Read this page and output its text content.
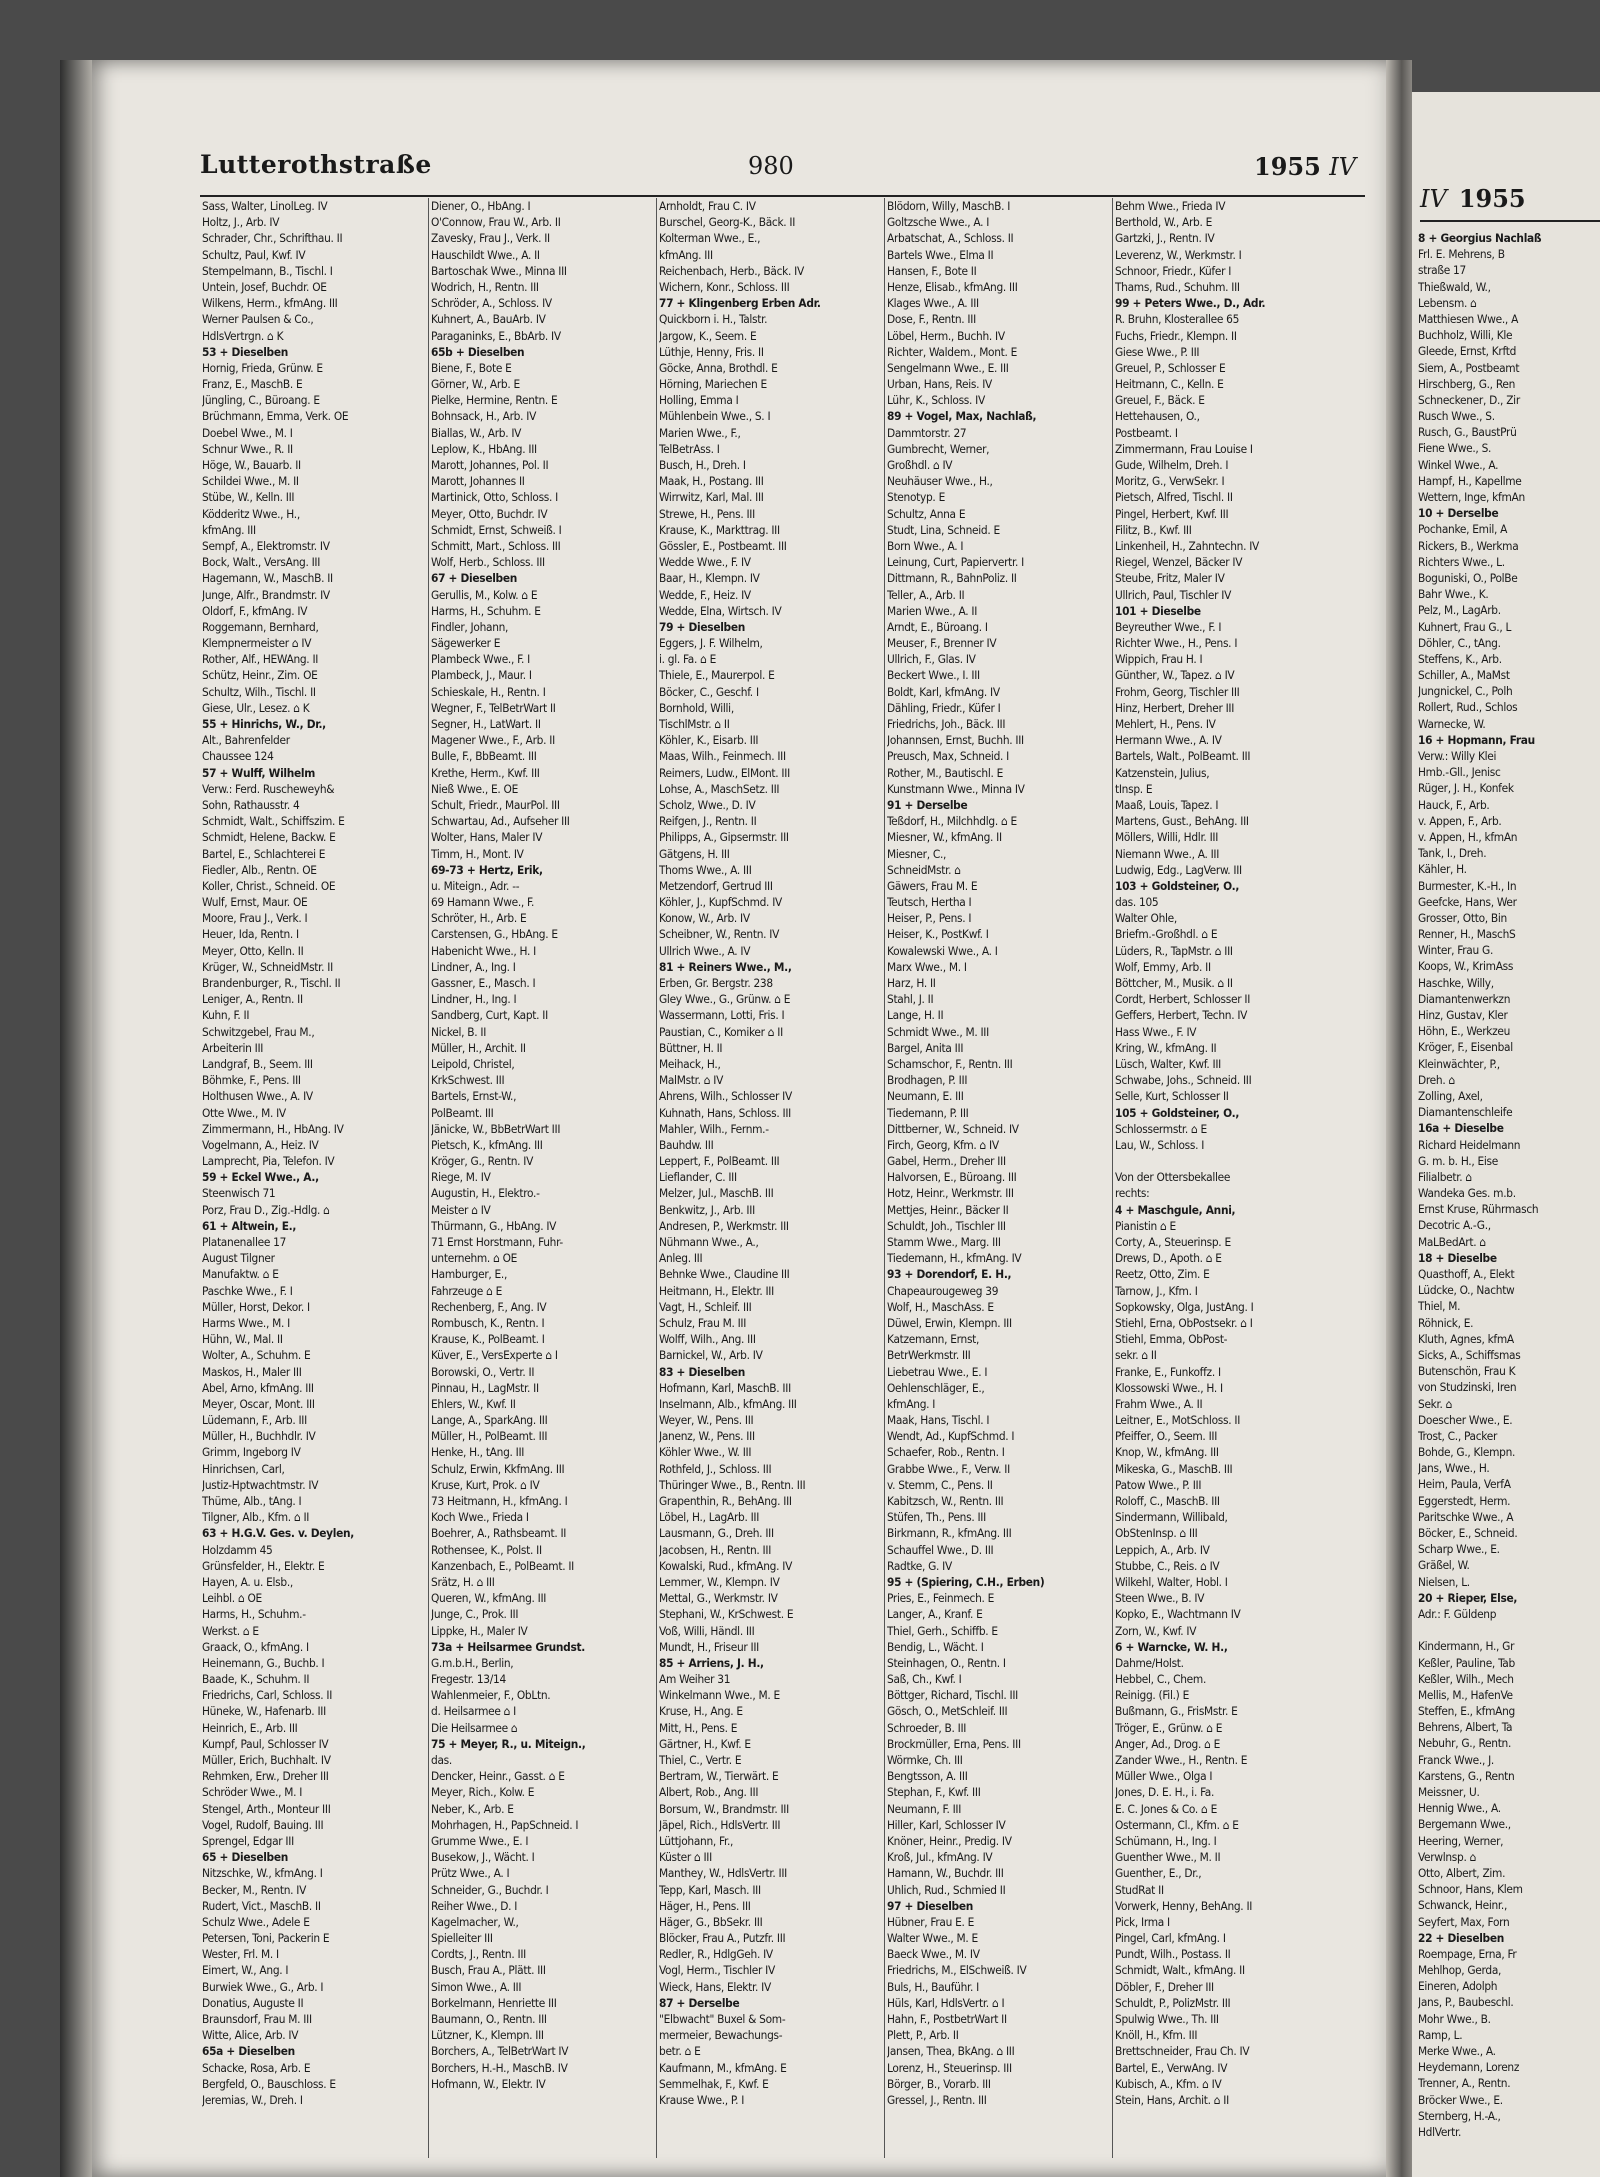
Lutterothstraße	980	1955 IV
Sass, Walter, LinolLeg. IV
Holtz, J., Arb. IV
Schrader, Chr., Schrifthau. II
Schultz, Paul, Kwf. IV
Stempelmann, B., Tischl. I
Untein, Josef, Buchdr. OE
Wilkens, Herm., kfmAng. III
Werner Paulsen & Co.,
HdlsVertrgn. ⌂ K
53 + Dieselben
Hornig, Frieda, Grünw. E
Franz, E., MaschB. E
Jüngling, C., Büroang. E
Brüchmann, Emma, Verk. OE
Doebel Wwe., M. I
Schnur Wwe., R. II
Höge, W., Bauarb. II
Schildei Wwe., M. II
Stübe, W., Kelln. III
Ködderitz Wwe., H.,
kfmAng. III
Sempf, A., Elektromstr. IV
Bock, Walt., VersAng. III
Hagemann, W., MaschB. II
Junge, Alfr., Brandmstr. IV
Oldorf, F., kfmAng. IV
Roggemann, Bernhard,
Klempnermeister ⌂ IV
Rother, Alf., HEWAng. II
Schütz, Heinr., Zim. OE
Schultz, Wilh., Tischl. II
Giese, Ulr., Lesez. ⌂ K
55 + Hinrichs, W., Dr.,
Alt., Bahrenfelder
Chaussee 124
57 + Wulff, Wilhelm
Verw.: Ferd. Ruscheweyh&
Sohn, Rathausstr. 4
Schmidt, Walt., Schiffszim. E
Schmidt, Helene, Backw. E
Bartel, E., Schlachterei E
Fiedler, Alb., Rentn. OE
Koller, Christ., Schneid. OE
Wulf, Ernst, Maur. OE
Moore, Frau J., Verk. I
Heuer, Ida, Rentn. I
Meyer, Otto, Kelln. II
Krüger, W., SchneidMstr. II
Brandenburger, R., Tischl. II
Leniger, A., Rentn. II
Kuhn, F. II
Schwitzgebel, Frau M.,
Arbeiterin III
Landgraf, B., Seem. III
Böhmke, F., Pens. III
Holthusen Wwe., A. IV
Otte Wwe., M. IV
Zimmermann, H., HbAng. IV
Vogelmann, A., Heiz. IV
Lamprecht, Pia, Telefon. IV
59 + Eckel Wwe., A.,
Steenwisch 71
Porz, Frau D., Zig.-Hdlg. ⌂
61 + Altwein, E.,
Platanenallee 17
August Tilgner
Manufaktw. ⌂ E
Paschke Wwe., F. I
Müller, Horst, Dekor. I
Harms Wwe., M. I
Hühn, W., Mal. II
Wolter, A., Schuhm. E
Maskos, H., Maler III
Abel, Arno, kfmAng. III
Meyer, Oscar, Mont. III
Lüdemann, F., Arb. III
Müller, H., Buchhdlr. IV
Grimm, Ingeborg IV
Hinrichsen, Carl,
Justiz-Hptwachtmstr. IV
Thüme, Alb., tAng. I
Tilgner, Alb., Kfm. ⌂ II
63 + H.G.V. Ges. v. Deylen,
Holzdamm 45
Grünsfelder, H., Elektr. E
Hayen, A. u. Elsb.,
Leihbl. ⌂ OE
Harms, H., Schuhm.-
Werkst. ⌂ E
Graack, O., kfmAng. I
Heinemann, G., Buchb. I
Baade, K., Schuhm. II
Friedrichs, Carl, Schloss. II
Hüneke, W., Hafenarb. III
Heinrich, E., Arb. III
Kumpf, Paul, Schlosser IV
Müller, Erich, Buchhalt. IV
Rehmken, Erw., Dreher III
Schröder Wwe., M. I
Stengel, Arth., Monteur III
Vogel, Rudolf, Bauing. III
Sprengel, Edgar III
65 + Dieselben
Nitzschke, W., kfmAng. I
Becker, M., Rentn. IV
Rudert, Vict., MaschB. II
Schulz Wwe., Adele E
Petersen, Toni, Packerin E
Wester, Frl. M. I
Eimert, W., Ang. I
Burwiek Wwe., G., Arb. I
Donatius, Auguste II
Braunsdorf, Frau M. III
Witte, Alice, Arb. IV
65a + Dieselben
Schacke, Rosa, Arb. E
Bergfeld, O., Bauschloss. E
Jeremias, W., Dreh. I
Diener, O., HbAng. I
O'Connow, Frau W., Arb. II
Zavesky, Frau J., Verk. II
Hauschildt Wwe., A. II
Bartoschak Wwe., Minna III
Wodrich, H., Rentn. III
Schröder, A., Schloss. IV
Kuhnert, A., BauArb. IV
Paraganinks, E., BbArb. IV
65b + Dieselben
Biene, F., Bote E
Görner, W., Arb. E
Pielke, Hermine, Rentn. E
Bohnsack, H., Arb. IV
Biallas, W., Arb. IV
Leplow, K., HbAng. III
Marott, Johannes, Pol. II
Marott, Johannes II
Martinick, Otto, Schloss. I
Meyer, Otto, Buchdr. IV
Schmidt, Ernst, Schweiß. I
Schmitt, Mart., Schloss. III
Wolf, Herb., Schloss. III
67 + Dieselben
Gerullis, M., Kolw. ⌂ E
Harms, H., Schuhm. E
Findler, Johann,
Sägewerker E
Plambeck Wwe., F. I
Plambeck, J., Maur. I
Schieskale, H., Rentn. I
Wegner, F., TelBetrWart II
Segner, H., LatWart. II
Magener Wwe., F., Arb. II
Bulle, F., BbBeamt. III
Krethe, Herm., Kwf. III
Nieß Wwe., E. OE
Schult, Friedr., MaurPol. III
Schwartau, Ad., Aufseher III
Wolter, Hans, Maler IV
Timm, H., Mont. IV
69-73 + Hertz, Erik,
u. Miteign., Adr. --
69 Hamann Wwe., F.
Schröter, H., Arb. E
Carstensen, G., HbAng. E
Habenicht Wwe., H. I
Lindner, A., Ing. I
Gassner, E., Masch. I
Lindner, H., Ing. I
Sandberg, Curt, Kapt. II
Nickel, B. II
Müller, H., Archit. II
Leipold, Christel,
KrkSchwest. III
Bartels, Ernst-W.,
PolBeamt. III
Jänicke, W., BbBetrWart III
Pietsch, K., kfmAng. III
Kröger, G., Rentn. IV
Riege, M. IV
Augustin, H., Elektro.-
Meister ⌂ IV
Thürmann, G., HbAng. IV
71 Ernst Horstmann, Fuhr-
unternehm. ⌂ OE
Hamburger, E.,
Fahrzeuge ⌂ E
Rechenberg, F., Ang. IV
Rombusch, K., Rentn. I
Krause, K., PolBeamt. I
Küver, E., VersExperte ⌂ I
Borowski, O., Vertr. II
Pinnau, H., LagMstr. II
Ehlers, W., Kwf. II
Lange, A., SparkAng. III
Müller, H., PolBeamt. III
Henke, H., tAng. III
Schulz, Erwin, KkfmAng. III
Kruse, Kurt, Prok. ⌂ IV
73 Heitmann, H., kfmAng. I
Koch Wwe., Frieda I
Boehrer, A., Rathsbeamt. II
Rothensee, K., Polst. II
Kanzenbach, E., PolBeamt. II
Srätz, H. ⌂ III
Queren, W., kfmAng. III
Junge, C., Prok. III
Lippke, H., Maler IV
73a + Heilsarmee Grundst.
G.m.b.H., Berlin,
Fregestr. 13/14
Wahlenmeier, F., ObLtn.
d. Heilsarmee ⌂ I
Die Heilsarmee ⌂
75 + Meyer, R., u. Miteign.,
das.
Dencker, Heinr., Gasst. ⌂ E
Meyer, Rich., Kolw. E
Neber, K., Arb. E
Mohrhagen, H., PapSchneid. I
Grumme Wwe., E. I
Busekow, J., Wächt. I
Prütz Wwe., A. I
Schneider, G., Buchdr. I
Reiher Wwe., D. I
Kagelmacher, W.,
Spielleiter III
Cordts, J., Rentn. III
Busch, Frau A., Plätt. III
Simon Wwe., A. III
Borkelmann, Henriette III
Baumann, O., Rentn. III
Lützner, K., Klempn. III
Borchers, A., TelBetrWart IV
Borchers, H.-H., MaschB. IV
Hofmann, W., Elektr. IV
Arnholdt, Frau C. IV
Burschel, Georg-K., Bäck. II
Kolterman Wwe., E.,
kfmAng. III
Reichenbach, Herb., Bäck. IV
Wichern, Konr., Schloss. III
77 + Klingenberg Erben Adr.
Quickborn i. H., Talstr.
Jargow, K., Seem. E
Lüthje, Henny, Fris. II
Göcke, Anna, Brothdl. E
Hörning, Mariechen E
Holling, Emma I
Mühlenbein Wwe., S. I
Marien Wwe., F.,
TelBetrAss. I
Busch, H., Dreh. I
Maak, H., Postang. III
Wirrwitz, Karl, Mal. III
Strewe, H., Pens. III
Krause, K., Markttrag. III
Gössler, E., Postbeamt. III
Wedde Wwe., F. IV
Baar, H., Klempn. IV
Wedde, F., Heiz. IV
Wedde, Elna, Wirtsch. IV
79 + Dieselben
Eggers, J. F. Wilhelm,
i. gl. Fa. ⌂ E
Thiele, E., Maurerpol. E
Böcker, C., Geschf. I
Bornhold, Willi,
TischlMstr. ⌂ II
Köhler, K., Eisarb. III
Maas, Wilh., Feinmech. III
Reimers, Ludw., ElMont. III
Lohse, A., MaschSetz. III
Scholz, Wwe., D. IV
Reifgen, J., Rentn. II
Philipps, A., Gipsermstr. III
Gätgens, H. III
Thoms Wwe., A. III
Metzendorf, Gertrud III
Köhler, J., KupfSchmd. IV
Konow, W., Arb. IV
Scheibner, W., Rentn. IV
Ullrich Wwe., A. IV
81 + Reiners Wwe., M.,
Erben, Gr. Bergstr. 238
Gley Wwe., G., Grünw. ⌂ E
Wassermann, Lotti, Fris. I
Paustian, C., Komiker ⌂ II
Büttner, H. II
Meihack, H.,
MalMstr. ⌂ IV
Ahrens, Wilh., Schlosser IV
Kuhnath, Hans, Schloss. III
Mahler, Wilh., Fernm.-
Bauhdw. III
Leppert, F., PolBeamt. III
Lieflander, C. III
Melzer, Jul., MaschB. III
Benkwitz, J., Arb. III
Andresen, P., Werkmstr. III
Nühmann Wwe., A.,
Anleg. III
Behnke Wwe., Claudine III
Heitmann, H., Elektr. III
Vagt, H., Schleif. III
Schulz, Frau M. III
Wolff, Wilh., Ang. III
Barnickel, W., Arb. IV
83 + Dieselben
Hofmann, Karl, MaschB. III
Inselmann, Alb., kfmAng. III
Weyer, W., Pens. III
Janenz, W., Pens. III
Köhler Wwe., W. III
Rothfeld, J., Schloss. III
Thüringer Wwe., B., Rentn. III
Grapenthin, R., BehAng. III
Löbel, H., LagArb. III
Lausmann, G., Dreh. III
Jacobsen, H., Rentn. III
Kowalski, Rud., kfmAng. IV
Lemmer, W., Klempn. IV
Mettal, G., Werkmstr. IV
Stephani, W., KrSchwest. E
Voß, Willi, Händl. III
Mundt, H., Friseur III
85 + Arriens, J. H.,
Am Weiher 31
Winkelmann Wwe., M. E
Kruse, H., Ang. E
Mitt, H., Pens. E
Gärtner, H., Kwf. E
Thiel, C., Vertr. E
Bertram, W., Tierwärt. E
Albert, Rob., Ang. III
Borsum, W., Brandmstr. III
Jäpel, Rich., HdlsVertr. III
Lüttjohann, Fr.,
Küster ⌂ III
Manthey, W., HdlsVertr. III
Tepp, Karl, Masch. III
Häger, H., Pens. III
Häger, G., BbSekr. III
Blöcker, Frau A., Putzfr. III
Redler, R., HdlgGeh. IV
Vogl, Herm., Tischler IV
Wieck, Hans, Elektr. IV
87 + Derselbe
"Elbwacht" Buxel & Som-
mermeier, Bewachungs-
betr. ⌂ E
Kaufmann, M., kfmAng. E
Semmelhak, F., Kwf. E
Krause Wwe., P. I
Blödorn, Willy, MaschB. I
Goltzsche Wwe., A. I
Arbatschat, A., Schloss. II
Bartels Wwe., Elma II
Hansen, F., Bote II
Henze, Elisab., kfmAng. III
Klages Wwe., A. III
Dose, F., Rentn. III
Löbel, Herm., Buchh. IV
Richter, Waldem., Mont. E
Sengelmann Wwe., E. III
Urban, Hans, Reis. IV
Lühr, K., Schloss. IV
89 + Vogel, Max, Nachlaß,
Dammtorstr. 27
Gumbrecht, Werner,
Großhdl. ⌂ IV
Neuhäuser Wwe., H.,
Stenotyp. E
Schultz, Anna E
Studt, Lina, Schneid. E
Born Wwe., A. I
Leinung, Curt, Papiervertr. I
Dittmann, R., BahnPoliz. II
Teller, A., Arb. II
Marien Wwe., A. II
Arndt, E., Büroang. I
Meuser, F., Brenner IV
Ullrich, F., Glas. IV
Beckert Wwe., I. III
Boldt, Karl, kfmAng. IV
Dähling, Friedr., Küfer I
Friedrichs, Joh., Bäck. III
Johannsen, Ernst, Buchh. III
Preusch, Max, Schneid. I
Rother, M., Bautischl. E
Kunstmann Wwe., Minna IV
91 + Derselbe
Teßdorf, H., Milchhdlg. ⌂ E
Miesner, W., kfmAng. II
Miesner, C.,
SchneidMstr. ⌂
Gäwers, Frau M. E
Teutsch, Hertha I
Heiser, P., Pens. I
Heiser, K., PostKwf. I
Kowalewski Wwe., A. I
Marx Wwe., M. I
Harz, H. II
Stahl, J. II
Lange, H. II
Schmidt Wwe., M. III
Bargel, Anita III
Schamschor, F., Rentn. III
Brodhagen, P. III
Neumann, E. III
Tiedemann, P. III
Dittberner, W., Schneid. IV
Firch, Georg, Kfm. ⌂ IV
Gabel, Herm., Dreher III
Halvorsen, E., Büroang. III
Hotz, Heinr., Werkmstr. III
Mettjes, Heinr., Bäcker II
Schuldt, Joh., Tischler III
Stamm Wwe., Marg. III
Tiedemann, H., kfmAng. IV
93 + Dorendorf, E. H.,
Chapeaurougeweg 39
Wolf, H., MaschAss. E
Düwel, Erwin, Klempn. III
Katzemann, Ernst,
BetrWerkmstr. III
Liebetrau Wwe., E. I
Oehlenschläger, E.,
kfmAng. I
Maak, Hans, Tischl. I
Wendt, Ad., KupfSchmd. I
Schaefer, Rob., Rentn. I
Grabbe Wwe., F., Verw. II
v. Stemm, C., Pens. II
Kabitzsch, W., Rentn. III
Stüfen, Th., Pens. III
Birkmann, R., kfmAng. III
Schauffel Wwe., D. III
Radtke, G. IV
95 + (Spiering, C.H., Erben)
Pries, E., Feinmech. E
Langer, A., Kranf. E
Thiel, Gerh., Schiffb. E
Bendig, L., Wächt. I
Steinhagen, O., Rentn. I
Saß, Ch., Kwf. I
Böttger, Richard, Tischl. III
Gösch, O., MetSchleif. III
Schroeder, B. III
Brockmüller, Erna, Pens. III
Wörmke, Ch. III
Bengtsson, A. III
Stephan, F., Kwf. III
Neumann, F. III
Hiller, Karl, Schlosser IV
Knöner, Heinr., Predig. IV
Kroß, Jul., kfmAng. IV
Hamann, W., Buchdr. III
Uhlich, Rud., Schmied II
97 + Dieselben
Hübner, Frau E. E
Walter Wwe., M. E
Baeck Wwe., M. IV
Friedrichs, M., ElSchweiß. IV
Buls, H., Bauführ. I
Hüls, Karl, HdlsVertr. ⌂ I
Hahn, F., PostbetrWart II
Plett, P., Arb. II
Jansen, Thea, BkAng. ⌂ III
Lorenz, H., Steuerinsp. III
Börger, B., Vorarb. III
Gressel, J., Rentn. III
Behm Wwe., Frieda IV
Berthold, W., Arb. E
Gartzki, J., Rentn. IV
Leverenz, W., Werkmstr. I
Schnoor, Friedr., Küfer I
Thams, Rud., Schuhm. III
99 + Peters Wwe., D., Adr.
R. Bruhn, Klosterallee 65
Fuchs, Friedr., Klempn. II
Giese Wwe., P. III
Greuel, P., Schlosser E
Heitmann, C., Kelln. E
Greuel, F., Bäck. E
Hettehausen, O.,
Postbeamt. I
Zimmermann, Frau Louise I
Gude, Wilhelm, Dreh. I
Moritz, G., VerwSekr. I
Pietsch, Alfred, Tischl. II
Pingel, Herbert, Kwf. III
Filitz, B., Kwf. III
Linkenheil, H., Zahntechn. IV
Riegel, Wenzel, Bäcker IV
Steube, Fritz, Maler IV
Ullrich, Paul, Tischler IV
101 + Dieselbe
Beyreuther Wwe., F. I
Richter Wwe., H., Pens. I
Wippich, Frau H. I
Günther, W., Tapez. ⌂ IV
Frohm, Georg, Tischler III
Hinz, Herbert, Dreher III
Mehlert, H., Pens. IV
Hermann Wwe., A. IV
Bartels, Walt., PolBeamt. III
Katzenstein, Julius,
tInsp. E
Maaß, Louis, Tapez. I
Martens, Gust., BehAng. III
Möllers, Willi, Hdlr. III
Niemann Wwe., A. III
Ludwig, Edg., LagVerw. III
103 + Goldsteiner, O.,
das. 105
Walter Ohle,
Briefm.-Großhdl. ⌂ E
Lüders, R., TapMstr. ⌂ III
Wolf, Emmy, Arb. II
Böttcher, M., Musik. ⌂ II
Cordt, Herbert, Schlosser II
Geffers, Herbert, Techn. IV
Hass Wwe., F. IV
Kring, W., kfmAng. II
Lüsch, Walter, Kwf. III
Schwabe, Johs., Schneid. III
Selle, Kurt, Schlosser II
105 + Goldsteiner, O.,
Schlossermstr. ⌂ E
Lau, W., Schloss. I
Von der Ottersbekallee
rechts:
4 + Maschgule, Anni,
Pianistin ⌂ E
Corty, A., Steuerinsp. E
Drews, D., Apoth. ⌂ E
Reetz, Otto, Zim. E
Tarnow, J., Kfm. I
Sopkowsky, Olga, JustAng. I
Stiehl, Erna, ObPostsekr. ⌂ I
Stiehl, Emma, ObPost-
sekr. ⌂ II
Franke, E., Funkoffz. I
Klossowski Wwe., H. I
Frahm Wwe., A. II
Leitner, E., MotSchloss. II
Pfeiffer, O., Seem. III
Knop, W., kfmAng. III
Mikeska, G., MaschB. III
Patow Wwe., P. III
Roloff, C., MaschB. III
Sindermann, Willibald,
ObStenInsp. ⌂ III
Leppich, A., Arb. IV
Stubbe, C., Reis. ⌂ IV
Wilkehl, Walter, Hobl. I
Steen Wwe., B. IV
Kopko, E., Wachtmann IV
Zorn, W., Kwf. IV
6 + Warncke, W. H.,
Dahme/Holst.
Hebbel, C., Chem.
Reinigg. (Fil.) E
Bußmann, G., FrisMstr. E
Tröger, E., Grünw. ⌂ E
Anger, Ad., Drog. ⌂ E
Zander Wwe., H., Rentn. E
Müller Wwe., Olga I
Jones, D. E. H., i. Fa.
E. C. Jones & Co. ⌂ E
Ostermann, Cl., Kfm. ⌂ E
Schümann, H., Ing. I
Guenther Wwe., M. II
Guenther, E., Dr.,
StudRat II
Vorwerk, Henny, BehAng. II
Pick, Irma I
Pingel, Carl, kfmAng. I
Pundt, Wilh., Postass. II
Schmidt, Walt., kfmAng. II
Döbler, F., Dreher III
Schuldt, P., PolizMstr. III
Spulwig Wwe., Th. III
Knöll, H., Kfm. III
Brettschneider, Frau Ch. IV
Bartel, E., VerwAng. IV
Kubisch, A., Kfm. ⌂ IV
Stein, Hans, Archit. ⌂ II
IV 1955
8 + Georgius Nachlaß
Frl. E. Mehrens, B
straße 17
Thießwald, W.,
Lebensm. ⌂
Matthiesen Wwe., A
Buchholz, Willi, Kle
Gleede, Ernst, Krftd
Siem, A., Postbeamt
Hirschberg, G., Ren
Schneckener, D., Zir
Rusch Wwe., S.
Rusch, G., BaustPrü
Fiene Wwe., S.
Winkel Wwe., A.
Hampf, H., Kapellme
Wettern, Inge, kfmAn
10 + Derselbe
Pochanke, Emil, A
Rickers, B., Werkma
Richters Wwe., L.
Boguniski, O., PolBe
Bahr Wwe., K.
Pelz, M., LagArb.
Kuhnert, Frau G., L
Döhler, C., tAng.
Steffens, K., Arb.
Schiller, A., MaMst
Jungnickel, C., Polh
Rollert, Rud., Schlos
Warnecke, W.
16 + Hopmann, Frau
Verw.: Willy Klei
Hmb.-Gll., Jenisc
Rüger, J. H., Konfek
Hauck, F., Arb.
v. Appen, F., Arb.
v. Appen, H., kfmAn
Tank, I., Dreh.
Kähler, H.
Burmester, K.-H., In
Geefcke, Hans, Wer
Grosser, Otto, Bin
Renner, H., MaschS
Winter, Frau G.
Koops, W., KrimAss
Haschke, Willy,
Diamantenwerkzn
Hinz, Gustav, Kler
Höhn, E., Werkzeu
Kröger, F., Eisenbal
Kleinwächter, P.,
Dreh. ⌂
Zolling, Axel,
Diamantenschleife
16a + Dieselbe
Richard Heidelmann
G. m. b. H., Eise
Filialbetr. ⌂
Wandeka Ges. m.b.
Ernst Kruse, Rührmasch
Decotric A.-G.,
MaLBedArt. ⌂
18 + Dieselbe
Quasthoff, A., Elekt
Lüdcke, O., Nachtw
Thiel, M.
Röhnick, E.
Kluth, Agnes, kfmA
Sicks, A., Schiffsmas
Butenschön, Frau K
von Studzinski, Iren
Sekr. ⌂
Doescher Wwe., E.
Trost, C., Packer
Bohde, G., Klempn.
Jans, Wwe., H.
Heim, Paula, VerfA
Eggerstedt, Herm.
Paritschke Wwe., A
Böcker, E., Schneid.
Scharp Wwe., E.
Gräßel, W.
Nielsen, L.
20 + Rieper, Else,
Adr.: F. Güldenp
Kindermann, H., Gr
Keßler, Pauline, Tab
Keßler, Wilh., Mech
Mellis, M., HafenVe
Steffen, E., kfmAng
Behrens, Albert, Ta
Nebuhr, G., Rentn.
Franck Wwe., J.
Karstens, G., Rentn
Meissner, U.
Hennig Wwe., A.
Bergemann Wwe.,
Heering, Werner,
Verwlnsp. ⌂
Otto, Albert, Zim.
Schnoor, Hans, Klem
Schwanck, Heinr.,
Seyfert, Max, Forn
22 + Dieselben
Roempage, Erna, Fr
Mehlhop, Gerda,
Eineren, Adolph
Jans, P., Baubeschl.
Mohr Wwe., B.
Ramp, L.
Merke Wwe., A.
Heydemann, Lorenz
Trenner, A., Rentn.
Bröcker Wwe., E.
Sternberg, H.-A.,
HdlVertr.
